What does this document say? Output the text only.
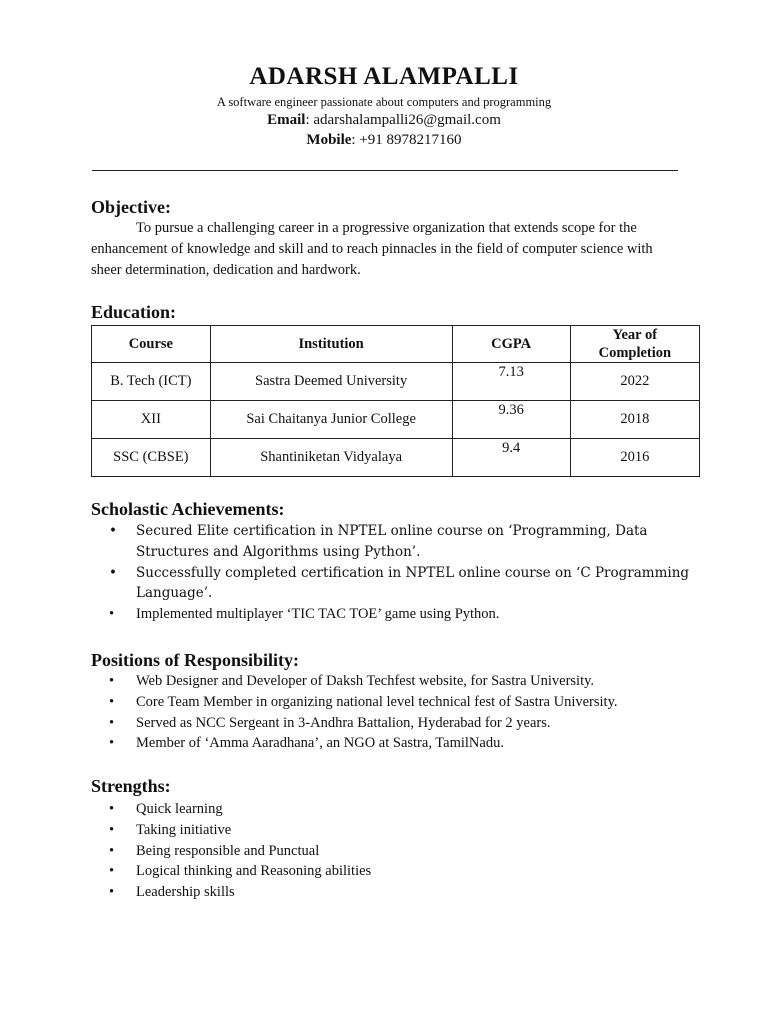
ADARSH ALAMPALLI
A software engineer passionate about computers and programming
Email: adarshalampalli26@gmail.com
Mobile: +91 8978217160
Objective:

To pursue a challenging career in a progressive organization that extends scope for the enhancement of knowledge and skill and to reach pinnacles in the field of computer science with sheer determination, dedication and hardwork.

Education:
Course	Institution	CGPA	Year of Completion
B. Tech (ICT)	Sastra Deemed University	7.13	2022
XII	Sai Chaitanya Junior College	9.36	2018
SSC (CBSE)	Shantiniketan Vidyalaya	9.4	2016
Scholastic Achievements:
• Secured Elite certification in NPTEL online course on ‘Programming, Data Structures and Algorithms using Python’.
• Successfully completed certification in NPTEL online course on ‘C Programming Language’.
• Implemented multiplayer ‘TIC TAC TOE’ game using Python.
Positions of Responsibility:
• Web Designer and Developer of Daksh Techfest website, for Sastra University.
• Core Team Member in organizing national level technical fest of Sastra University.
• Served as NCC Sergeant in 3-Andhra Battalion, Hyderabad for 2 years.
• Member of ‘Amma Aaradhana’, an NGO at Sastra, TamilNadu.
Strengths:
• Quick learning
• Taking initiative
• Being responsible and Punctual
• Logical thinking and Reasoning abilities
• Leadership skills
